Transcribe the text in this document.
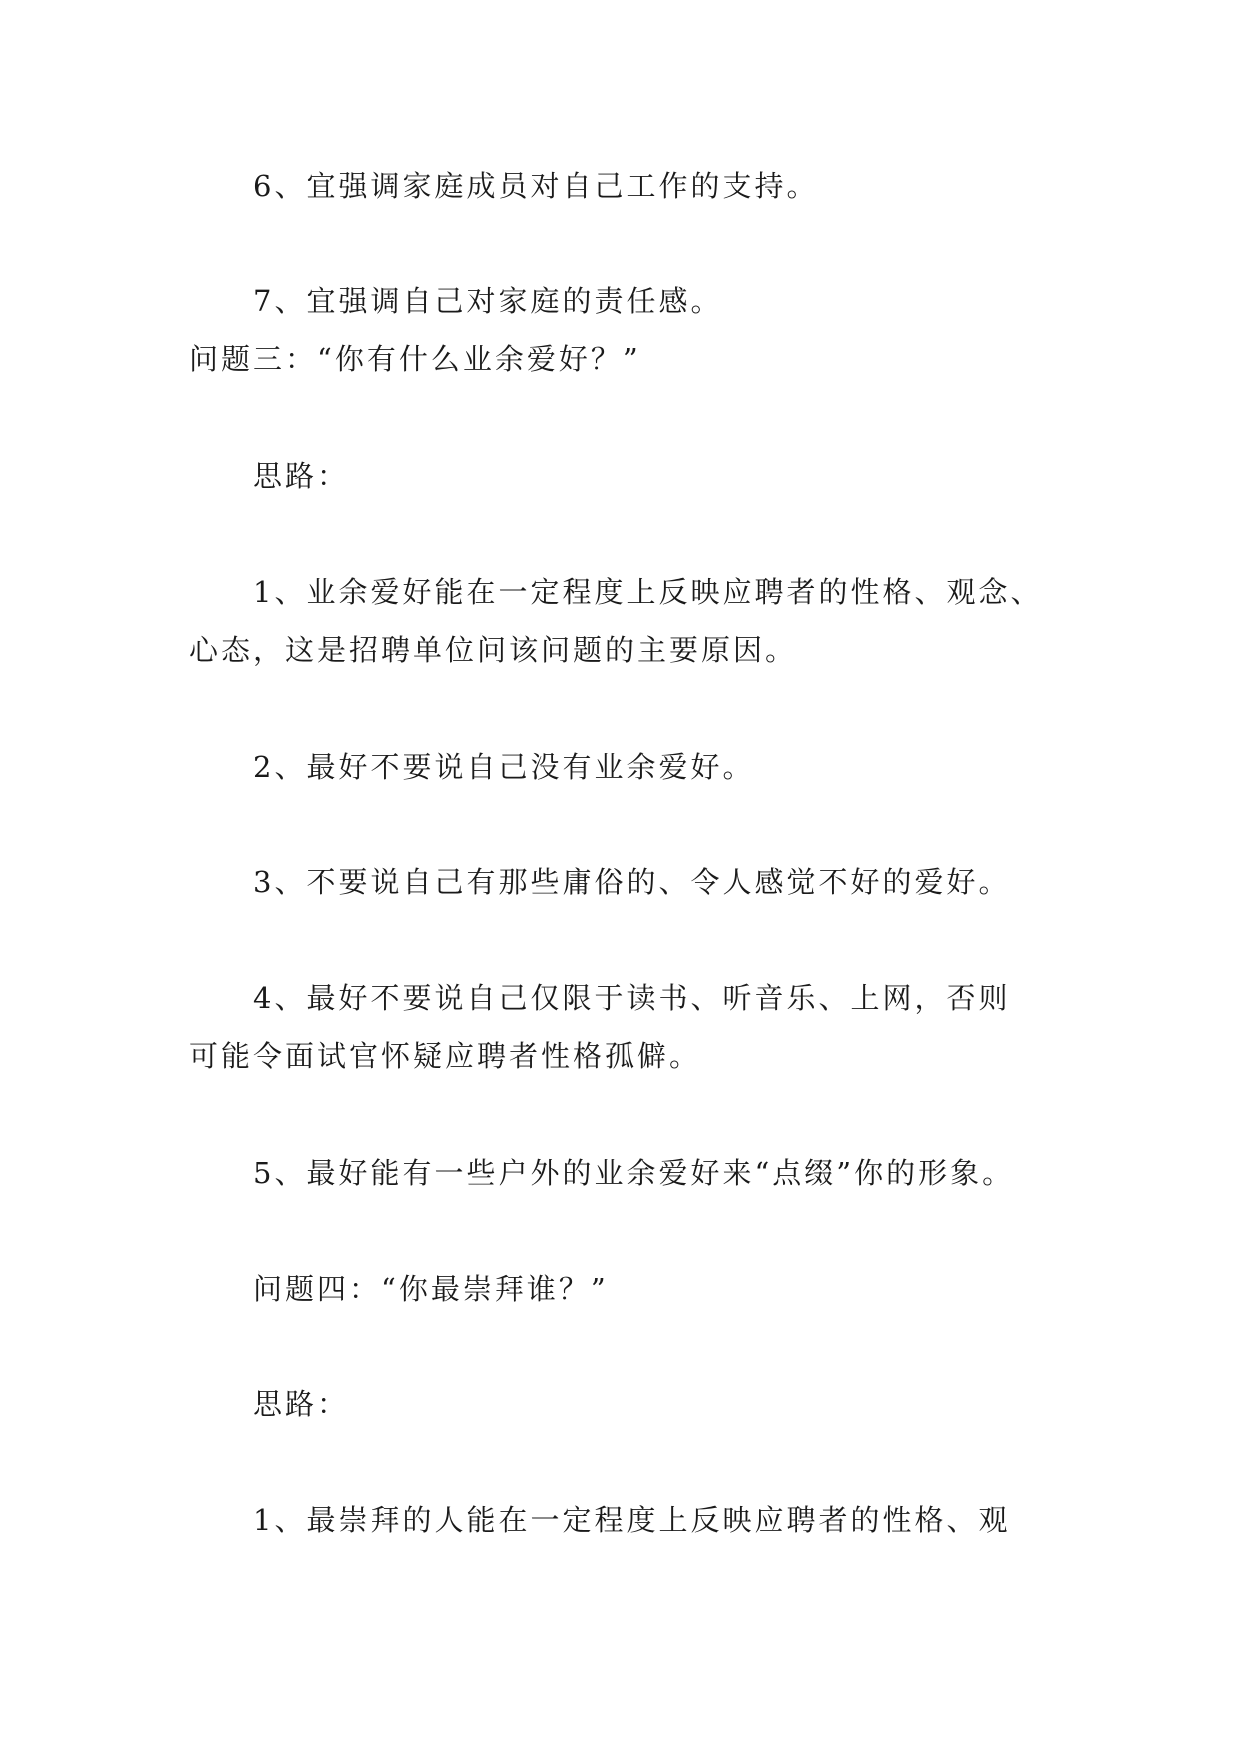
6、宜强调家庭成员对自己工作的支持。
7、宜强调自己对家庭的责任感。
问题三：“你有什么业余爱好？”
思路：
1、业余爱好能在一定程度上反映应聘者的性格、观念、
心态，这是招聘单位问该问题的主要原因。
2、最好不要说自己没有业余爱好。
3、不要说自己有那些庸俗的、令人感觉不好的爱好。
4、最好不要说自己仅限于读书、听音乐、上网，否则
可能令面试官怀疑应聘者性格孤僻。
5、最好能有一些户外的业余爱好来“点缀”你的形象。
问题四：“你最崇拜谁？”
思路：
1、最崇拜的人能在一定程度上反映应聘者的性格、观
